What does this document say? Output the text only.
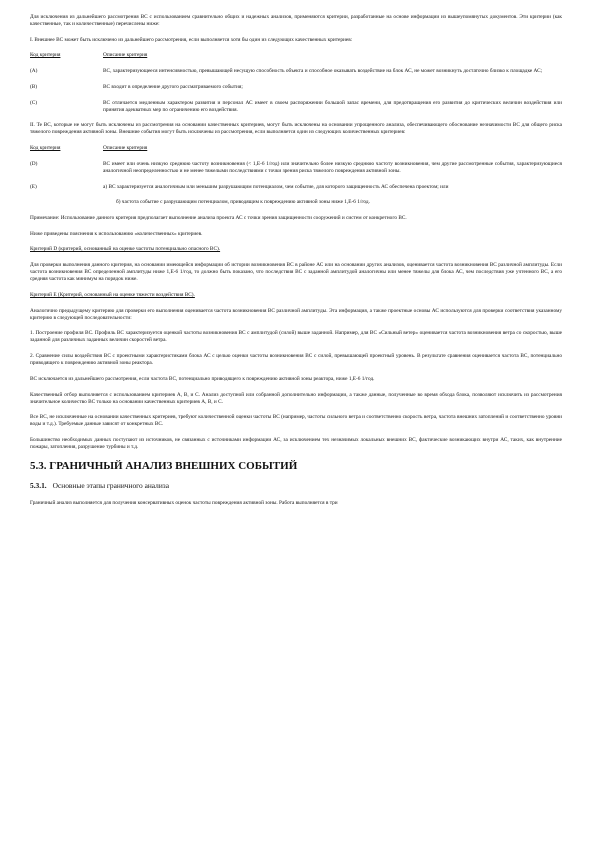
Для исключения из дальнейшего рассмотрения ВС с использованием сравнительно общих и надежных анализов, применяются критерии, разработанные на основе информации из вышеупомянутых документов. Эти критерии (как качественные, так и количественные) перечислены ниже:

I. Внешнее ВС может быть исключено из дальнейшего рассмотрения, если выполняется хотя бы один из следующих качественных критериев:

Код критерия	Описание критерия
(A)	ВС, характеризующееся интенсивностью, превышающей несущую способность объекта и способное оказывать воздействие на блок АС, не может возникнуть достаточно близко к площадке АС;
(B)	ВС входит в определение другого рассматриваемого события;
(C)	ВС отличается медленным характером развития и персонал АС имеет в своем распоряжении большой запас времени, для предотвращения его развития до критических величин воздействия или принятия адекватных мер по ограничению его воздействия.

II. Те ВС, которые не могут быть исключены из рассмотрения на основании качественных критериев, могут быть исключены на основании упрощенного анализа, обеспечивающего обоснование незначимости ВС для общего риска тяжелого повреждения активной зоны. Внешние события могут быть исключены из рассмотрения, если выполняется один из следующих количественных критериев:

Код критерия	Описание критерия
(D)	ВС имеет или очень низкую среднюю частоту возникновения (< 1,Е-6 1/год) или значительно более низкую среднюю частоту возникновения, чем другие рассмотренные события, характеризующиеся аналогичной неопределенностью и не менее тяжелыми последствиями с точки зрения риска тяжелого повреждения активной зоны.
(E)	а) ВС характеризуется аналогичным или меньшим разрушающим потенциалом, чем событие, для которого защищенность АС обеспечена проектом; или

б) частота событие с разрушающим потенциалом, приводящим к повреждению активной зоны ниже 1,Е-6 1/год.

Примечание: Использование данного критерия предполагает выполнение анализа проекта АС с точки зрения защищенности сооружений и систем от конкретного ВС.

Ниже приведены пояснения к использованию «количественных» критериев.

Критерий D (критерий, основанный на оценке частоты потенциально опасного ВС).

Для проверки выполнения данного критерия, на основании имеющейся информации об истории возникновения ВС в районе АС или на основании других анализов, оценивается частота возникновения ВС различной амплитуды. Если частота возникновения ВС определенной амплитуды ниже 1,Е-6 1/год, то должно быть показано, что последствия ВС с заданной амплитудой аналогичны или менее тяжелы для блока АС, чем последствия уже учтенного ВС, а его средняя частота как минимум на порядок ниже.

Критерий E (Критерий, основанный на оценке тяжести воздействия ВС).

Аналогично предыдущему критерию для проверки его выполнения оценивается частота возникновения ВС различной амплитуды. Эта информация, а также проектные основы АС используются для проверки соответствия указанному критерию в следующей последовательности:

1. Построение профиля ВС. Профиль ВС характеризуется оценкой частоты возникновения ВС с амплитудой (силой) выше заданной. Например, для ВС «Сильный ветер» оценивается частота возникновения ветра со скоростью, выше заданной для различных заданных величин скоростей ветра.

2. Сравнение силы воздействия ВС с проектными характеристиками блока АС с целью оценки частоты возникновения ВС с силой, превышающей проектный уровень. В результате сравнения оценивается частота ВС, потенциально приводящего к повреждению активной зоны реактора.

ВС исключается из дальнейшего рассмотрения, если частота ВС, потенциально приводящего к повреждению активной зоны реактора, ниже 1,Е-6 1/год.

Качественный отбор выполняется с использованием критериев A, B, и C. Анализ доступной или собранной дополнительно информации, а также данные, полученные во время обхода блока, позволяют исключить из рассмотрения значительное количество ВС только на основании качественных критериев A, B, и C.

Все ВС, не исключенные на основании качественных критериев, требуют количественной оценки частоты ВС (например, частоты сильного ветра и соответственно скорость ветра, частота внешних затоплений и соответственно уровни воды и т.д.). Требуемые данные зависят от конкретных ВС.

Большинство необходимых данных поступают из источников, не связанных с источниками информации АС, за исключением тех незначимых локальных внешних ВС, фактические возникающих внутри АС, таких, как внутренние пожары, затопления, разрушение турбины и т.д.

5.3. ГРАНИЧНЫЙ АНАЛИЗ ВНЕШНИХ СОБЫТИЙ
5.3.1. Основные этапы граничного анализа

Граничный анализ выполняется для получения консервативных оценок частоты повреждения активной зоны. Работа выполняется в три
